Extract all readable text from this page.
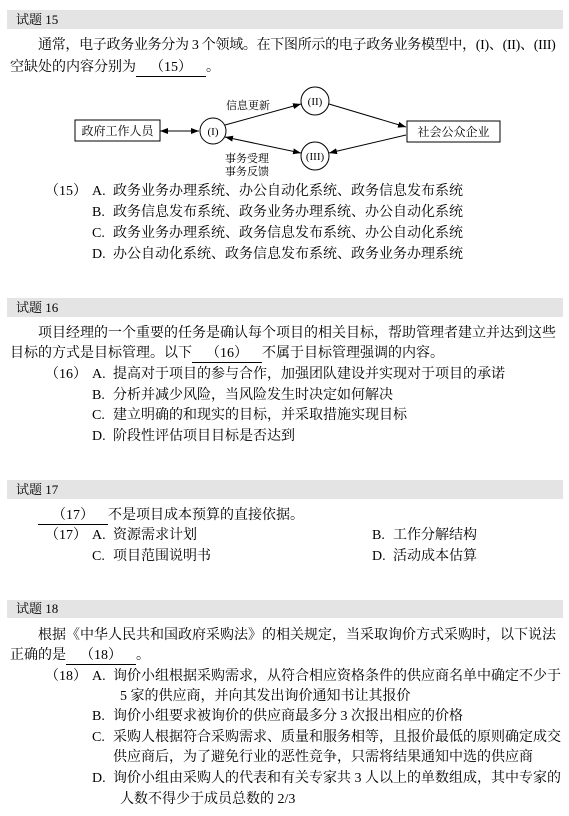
试题 15
通常，电子政务业务分为 3 个领域。在下图所示的电子政务业务模型中，(I)、(II)、(III)
空缺处的内容分别为 （15） 。
政府工作人员	(I)
信息更新
事务受理
事务反馈
(II)
(III)
社会公众企业
（15） A. 政务业务办理系统、办公自动化系统、政务信息发布系统
B. 政务信息发布系统、政务业务办理系统、办公自动化系统
C. 政务业务办理系统、政务信息发布系统、办公自动化系统
D. 办公自动化系统、政务信息发布系统、政务业务办理系统
试题 16
项目经理的一个重要的任务是确认每个项目的相关目标，帮助管理者建立并达到这些
目标的方式是目标管理。以下 （16） 不属于目标管理强调的内容。
（16） A. 提高对于项目的参与合作，加强团队建设并实现对于项目的承诺
B. 分析并减少风险，当风险发生时决定如何解决
C. 建立明确的和现实的目标，并采取措施实现目标
D. 阶段性评估项目目标是否达到
试题 17
（17） 不是项目成本预算的直接依据。
（17） A. 资源需求计划	B. 工作分解结构
C. 项目范围说明书	D. 活动成本估算
试题 18
根据《中华人民共和国政府采购法》的相关规定，当采取询价方式采购时，以下说法
正确的是 （18） 。
（18） A. 询价小组根据采购需求，从符合相应资格条件的供应商名单中确定不少于
5 家的供应商，并向其发出询价通知书让其报价
B. 询价小组要求被询价的供应商最多分 3 次报出相应的价格
C. 采购人根据符合采购需求、质量和服务相等，且报价最低的原则确定成交
供应商后，为了避免行业的恶性竞争，只需将结果通知中选的供应商
D. 询价小组由采购人的代表和有关专家共 3 人以上的单数组成，其中专家的
人数不得少于成员总数的 2/3
